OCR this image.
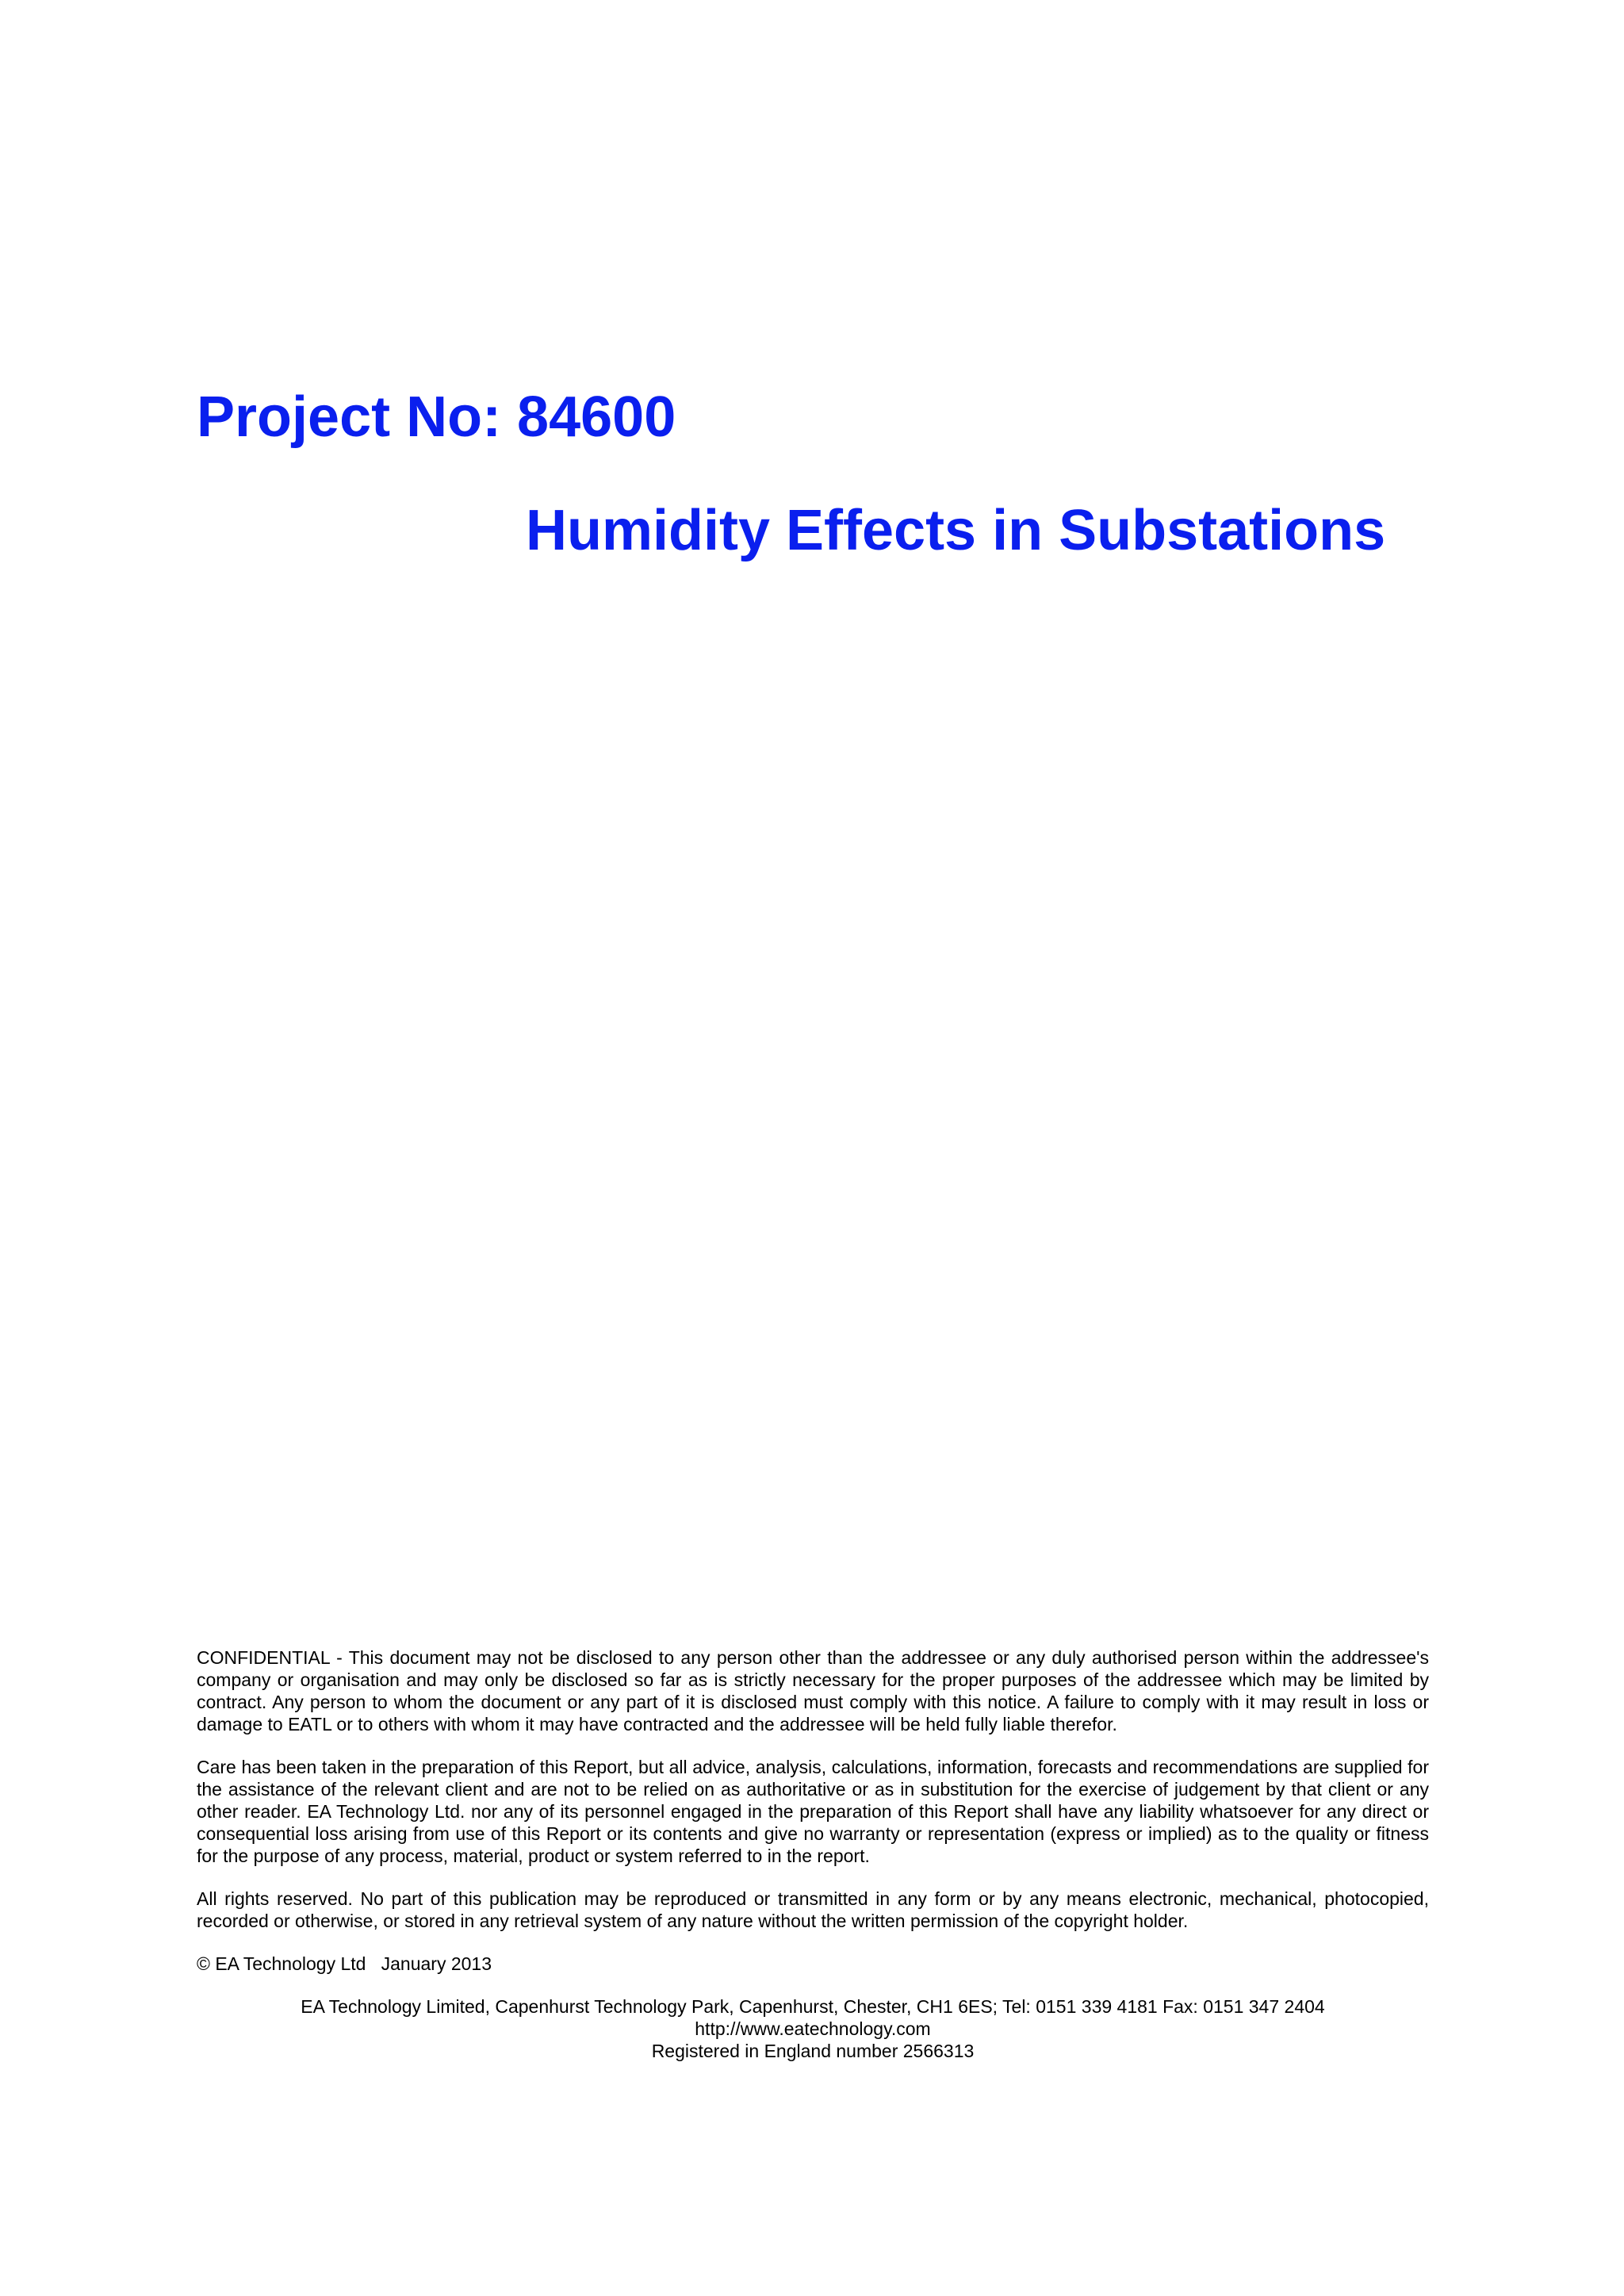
Project No: 84600
Humidity Effects in Substations

CONFIDENTIAL - This document may not be disclosed to any person other than the addressee or any duly authorised person within the addressee's company or organisation and may only be disclosed so far as is strictly necessary for the proper purposes of the addressee which may be limited by contract. Any person to whom the document or any part of it is disclosed must comply with this notice. A failure to comply with it may result in loss or damage to EATL or to others with whom it may have contracted and the addressee will be held fully liable therefor.

Care has been taken in the preparation of this Report, but all advice, analysis, calculations, information, forecasts and recommendations are supplied for the assistance of the relevant client and are not to be relied on as authoritative or as in substitution for the exercise of judgement by that client or any other reader. EA Technology Ltd. nor any of its personnel engaged in the preparation of this Report shall have any liability whatsoever for any direct or consequential loss arising from use of this Report or its contents and give no warranty or representation (express or implied) as to the quality or fitness for the purpose of any process, material, product or system referred to in the report.

All rights reserved. No part of this publication may be reproduced or transmitted in any form or by any means electronic, mechanical, photocopied, recorded or otherwise, or stored in any retrieval system of any nature without the written permission of the copyright holder.

© EA Technology Ltd   January 2013

EA Technology Limited, Capenhurst Technology Park, Capenhurst, Chester, CH1 6ES; Tel: 0151 339 4181 Fax: 0151 347 2404
http://www.eatechnology.com
Registered in England number 2566313
